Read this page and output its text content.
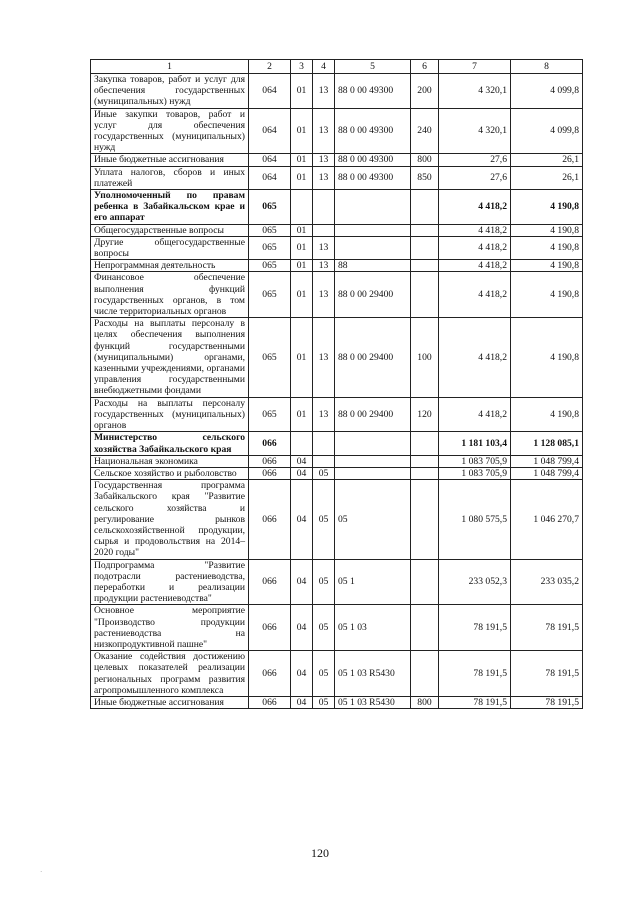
1	2	3	4	5	6	7	8
Закупка товаров, работ и услуг для обеспечения государственных (муниципальных) нужд	064	01	13	88 0 00 49300	200	4 320,1	4 099,8
Иные закупки товаров, работ и услуг для обеспечения государственных (муниципальных) нужд	064	01	13	88 0 00 49300	240	4 320,1	4 099,8
Иные бюджетные ассигнования	064	01	13	88 0 00 49300	800	27,6	26,1
Уплата налогов, сборов и иных платежей	064	01	13	88 0 00 49300	850	27,6	26,1
Уполномоченный по правам ребенка в Забайкальском крае и его аппарат	065					4 418,2	4 190,8
Общегосударственные вопросы	065	01				4 418,2	4 190,8
Другие общегосударственные вопросы	065	01	13			4 418,2	4 190,8
Непрограммная деятельность	065	01	13	88		4 418,2	4 190,8
Финансовое обеспечение выполнения функций государственных органов, в том числе территориальных органов	065	01	13	88 0 00 29400		4 418,2	4 190,8
Расходы на выплаты персоналу в целях обеспечения выполнения функций государственными (муниципальными) органами, казенными учреждениями, органами управления государственными внебюджетными фондами	065	01	13	88 0 00 29400	100	4 418,2	4 190,8
Расходы на выплаты персоналу государственных (муниципальных) органов	065	01	13	88 0 00 29400	120	4 418,2	4 190,8
Министерство сельского хозяйства Забайкальского края	066					1 181 103,4	1 128 085,1
Национальная экономика	066	04				1 083 705,9	1 048 799,4
Сельское хозяйство и рыболовство	066	04	05			1 083 705,9	1 048 799,4
Государственная программа Забайкальского края "Развитие сельского хозяйства и регулирование рынков сельскохозяйственной продукции, сырья и продовольствия на 2014–2020 годы"	066	04	05	05		1 080 575,5	1 046 270,7
Подпрограмма "Развитие подотрасли растениеводства, переработки и реализации продукции растениеводства"	066	04	05	05 1		233 052,3	233 035,2
Основное мероприятие "Производство продукции растениеводства на низкопродуктивной пашне"	066	04	05	05 1 03		78 191,5	78 191,5
Оказание содействия достижению целевых показателей реализации региональных программ развития агропромышленного комплекса	066	04	05	05 1 03 R5430		78 191,5	78 191,5
Иные бюджетные ассигнования	066	04	05	05 1 03 R5430	800	78 191,5	78 191,5
120
·
